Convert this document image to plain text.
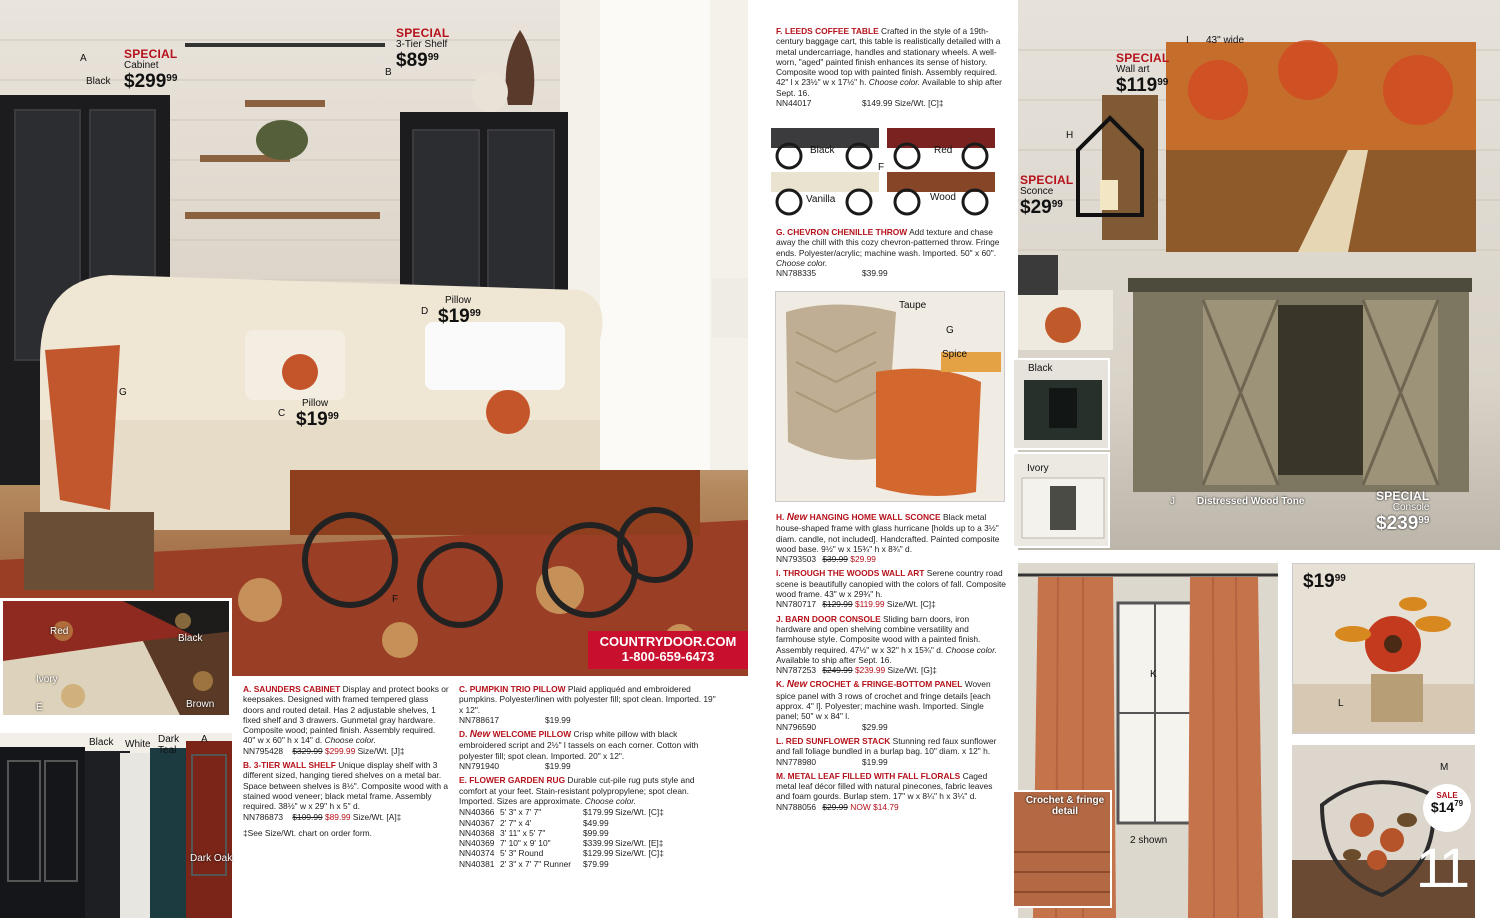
A
Black
SPECIAL
Cabinet
$\$299^{99}$
SPECIAL
3-Tier Shelf
$\$89^{99}$
B
Pillow
$\$19^{99}$
D
Pillow
$\$19^{99}$
C
G
F
COUNTRYDOOR.COM
1-800-659-6473
Red
Black
Ivory
Brown
E
Black White Dark Teal
A
Dark Oak

A. SAUNDERS CABINET Display and protect books or keepsakes. Designed with framed tempered glass doors and routed detail. Has 2 adjustable shelves, 1 fixed shelf and 3 drawers. Gunmetal gray hardware. Composite wood; painted finish. Assembly required. 40" w x 60" h x 14" d. Choose color.
NN795428 $329.99 $299.99 Size/Wt. [J]‡

B. 3-TIER WALL SHELF Unique display shelf with 3 different sized, hanging tiered shelves on a metal bar. Space between shelves is 8½". Composite wood with a stained wood veneer; black metal frame. Assembly required. 38½" w x 29" h x 5" d.
NN786873 $109.99 $89.99 Size/Wt. [A]‡

‡See Size/Wt. chart on order form.

C. PUMPKIN TRIO PILLOW Plaid appliquéd and embroidered pumpkins. Polyester/linen with polyester fill; spot clean. Imported. 19" x 12".
NN788617	$19.99

D. New WELCOME PILLOW Crisp white pillow with black embroidered script and 2½" l tassels on each corner. Cotton with polyester fill; spot clean. Imported. 20" x 12".
NN791940	$19.99

E. FLOWER GARDEN RUG Durable cut-pile rug puts style and comfort at your feet. Stain-resistant polypropylene; spot clean. Imported. Sizes are approximate. Choose color.

NN40366 5' 3" x 7' 7"	$179.99 Size/Wt. [C]‡
NN40367 2' 7" x 4'	$49.99
NN40368 3' 11" x 5' 7"	$99.99
NN40369 7' 10" x 9' 10"	$339.99 Size/Wt. [E]‡
NN40374 5' 3" Round	$129.99 Size/Wt. [C]‡
NN40381 2' 3" x 7' 7" Runner $79.99

F. LEEDS COFFEE TABLE Crafted in the style of a 19th-century baggage cart, this table is realistically detailed with a metal undercarriage, handles and stationary wheels. A well-worn, "aged" painted finish enhances its sense of history. Composite wood top with painted finish. Assembly required. 42" l x 23½" w x 17½" h. Choose color. Available to ship after Sept. 16.
NN44017	$149.99 Size/Wt. [C]‡

Black	Red
F
Vanilla	Wood

G. CHEVRON CHENILLE THROW Add texture and chase away the chill with this cozy chevron-patterned throw. Fringe ends. Polyester/acrylic; machine wash. Imported. 50" x 60". Choose color.
NN788335	$39.99

Taupe
G
Spice

H. New HANGING HOME WALL SCONCE Black metal house-shaped frame with glass hurricane [holds up to a 3½" diam. candle, not included]. Handcrafted. Painted composite wood base. 9½" w x 15¾" h x 8¾" d.
NN793503 $39.99 $29.99

I. THROUGH THE WOODS WALL ART Serene country road scene is beautifully canopied with the colors of fall. Composite wood frame. 43" w x 29¾" h.
NN780717 $129.99 $119.99 Size/Wt. [C]‡

J. BARN DOOR CONSOLE Sliding barn doors, iron hardware and open shelving combine versatility and farmhouse style. Composite wood with a painted finish. Assembly required. 47½" w x 32" h x 15¾" d. Choose color. Available to ship after Sept. 16.
NN787253 $249.99 $239.99 Size/Wt. [G]‡

K. New CROCHET & FRINGE-BOTTOM PANEL Woven spice panel with 3 rows of crochet and fringe details [each approx. 4" l]. Polyester; machine wash. Imported. Single panel; 50" w x 84" l.
NN796590	$29.99

L. RED SUNFLOWER STACK Stunning red faux sunflower and fall foliage bundled in a burlap bag. 10" diam. x 12" h.
NN778980	$19.99

M. METAL LEAF FILLED WITH FALL FLORALS Caged metal leaf décor filled with natural pinecones, fabric leaves and foam gourds. Burlap stem. 17" w x 8¼" h x 3¼" d.
NN788056 $29.99 NOW $14.79

I 43" wide
SPECIAL
Wall art
$\$119^{99}$
H
SPECIAL
Sconce
$\$29^{99}$
J Distressed Wood Tone	SPECIAL
Console
$\$239^{99}$
Black
Ivory
K
Crochet & fringe detail
2 shown
$\$19^{99}$
L
M
SALE
$\$14^{79}$
11
